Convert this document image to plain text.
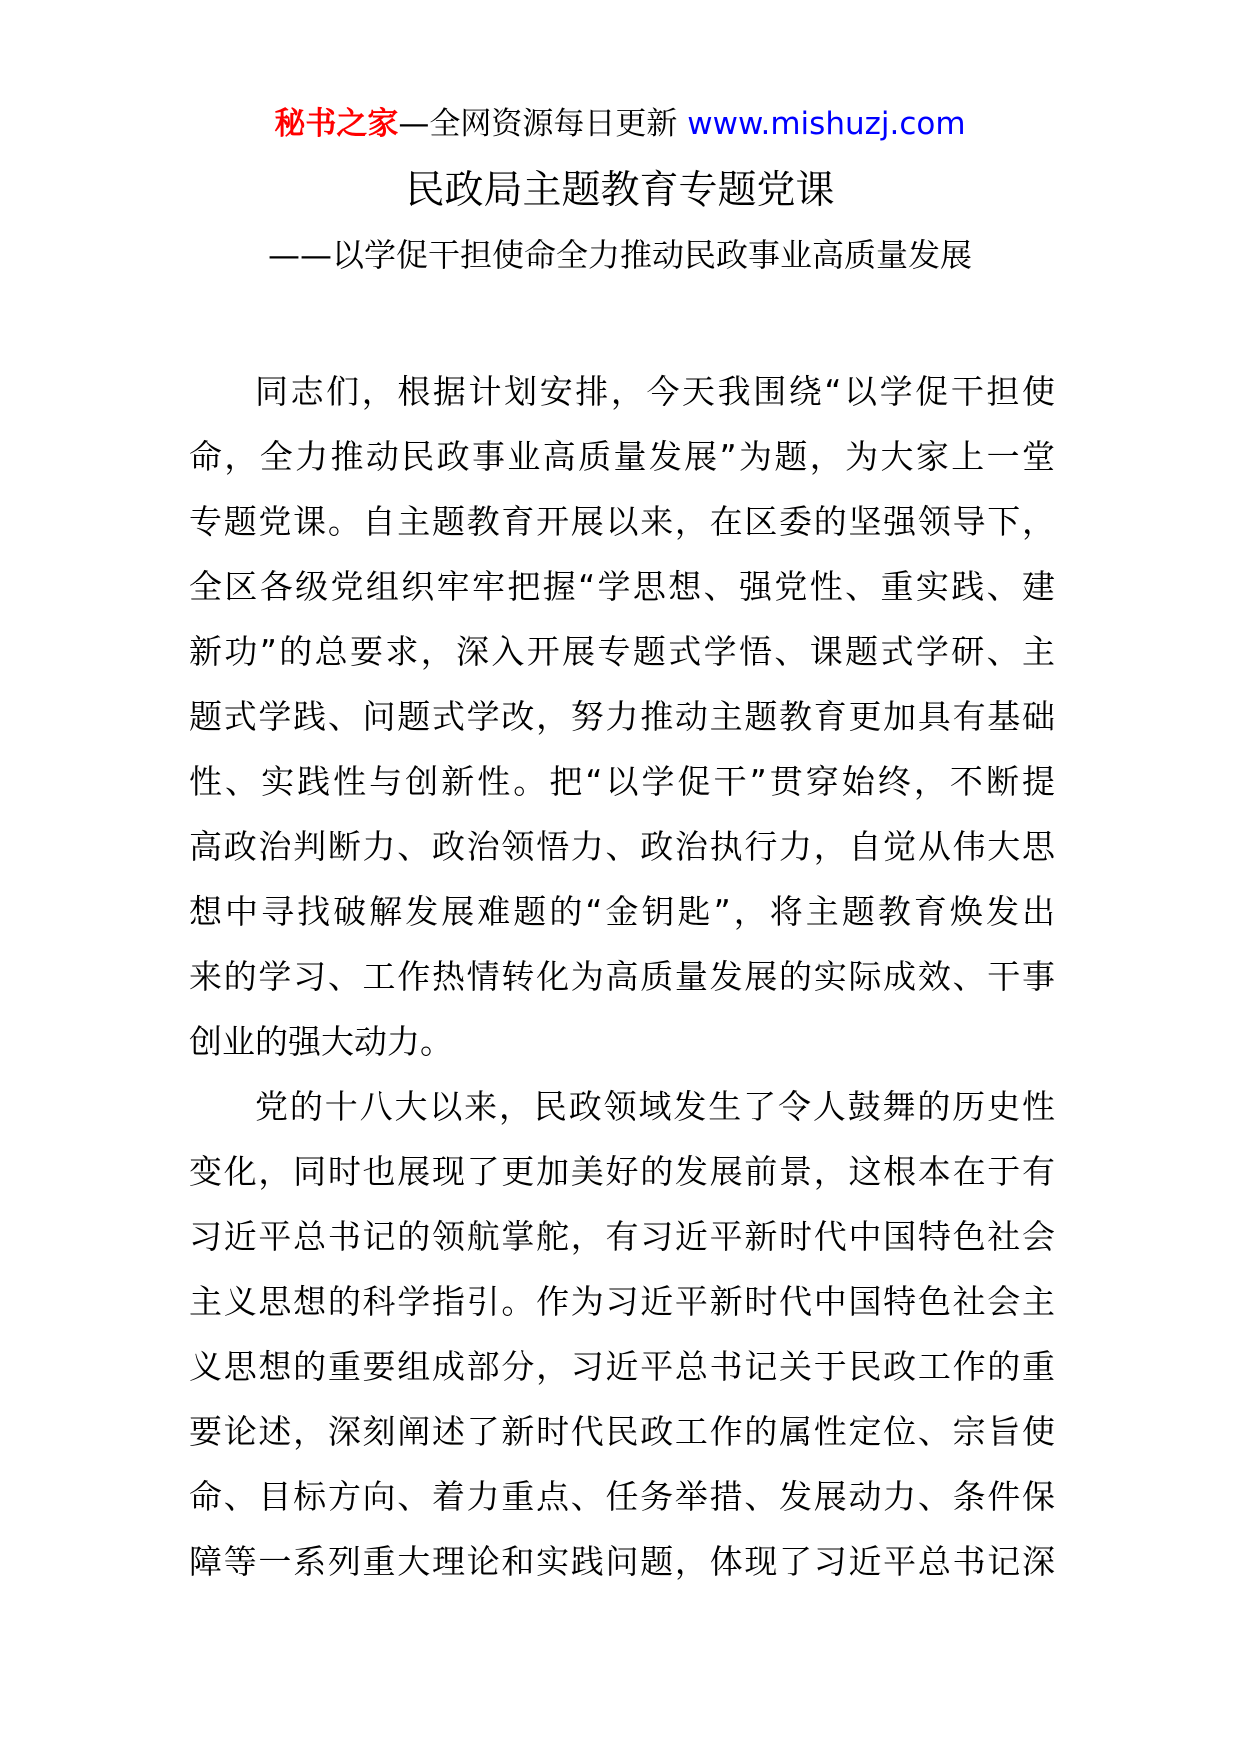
秘书之家—全网资源每日更新 www.mishuzj.com
民政局主题教育专题党课
——以学促干担使命全力推动民政事业高质量发展
同志们，根据计划安排，今天我围绕“以学促干担使
命，全力推动民政事业高质量发展”为题，为大家上一堂
专题党课。自主题教育开展以来，在区委的坚强领导下，
全区各级党组织牢牢把握“学思想、强党性、重实践、建
新功”的总要求，深入开展专题式学悟、课题式学研、主
题式学践、问题式学改，努力推动主题教育更加具有基础
性、实践性与创新性。把“以学促干”贯穿始终，不断提
高政治判断力、政治领悟力、政治执行力，自觉从伟大思
想中寻找破解发展难题的“金钥匙”，将主题教育焕发出
来的学习、工作热情转化为高质量发展的实际成效、干事
创业的强大动力。
党的十八大以来，民政领域发生了令人鼓舞的历史性
变化，同时也展现了更加美好的发展前景，这根本在于有
习近平总书记的领航掌舵，有习近平新时代中国特色社会
主义思想的科学指引。作为习近平新时代中国特色社会主
义思想的重要组成部分，习近平总书记关于民政工作的重
要论述，深刻阐述了新时代民政工作的属性定位、宗旨使
命、目标方向、着力重点、任务举措、发展动力、条件保
障等一系列重大理论和实践问题，体现了习近平总书记深
